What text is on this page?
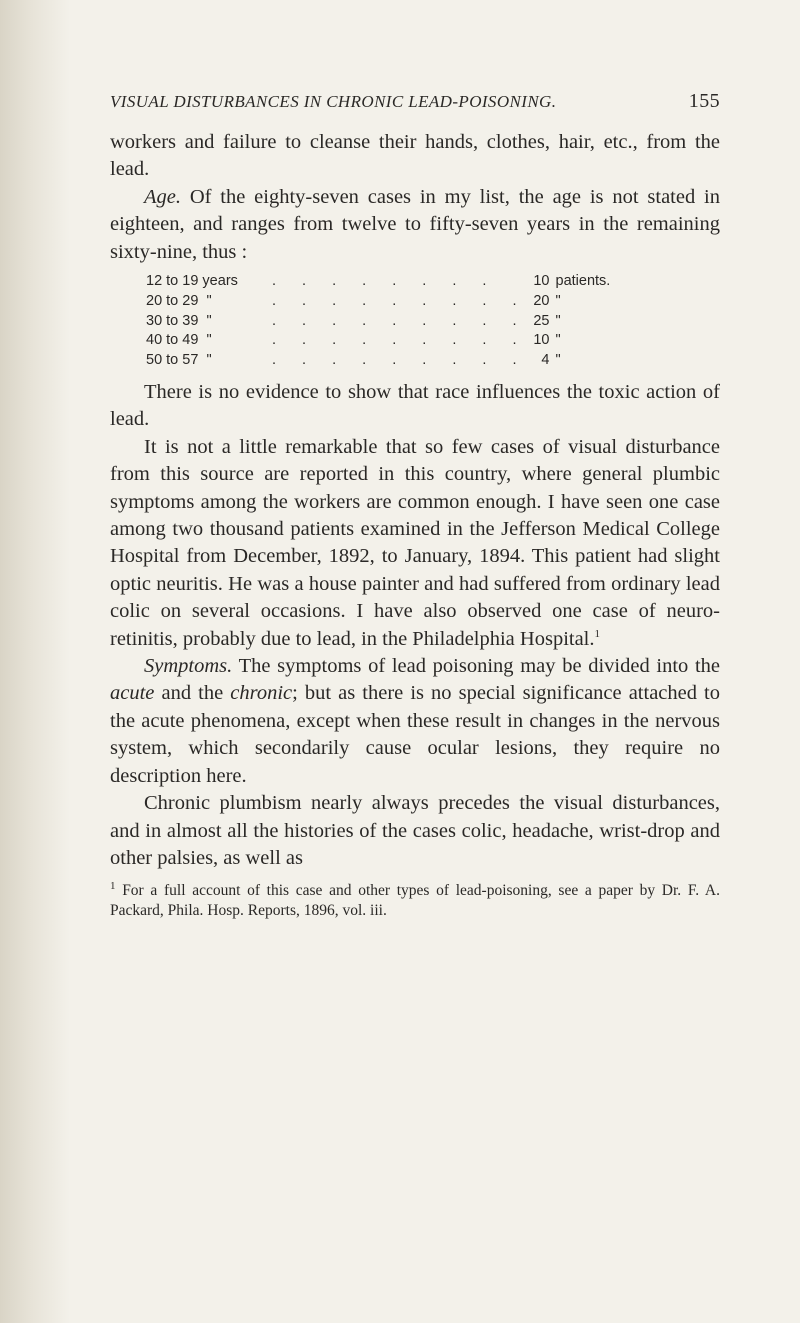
VISUAL DISTURBANCES IN CHRONIC LEAD-POISONING.	155

workers and failure to cleanse their hands, clothes, hair, etc., from the lead.

Age. Of the eighty-seven cases in my list, the age is not stated in eighteen, and ranges from twelve to fifty-seven years in the remaining sixty-nine, thus :

12 to 19 years	. . . . . . . .	10	patients.
20 to 29  "	. . . . . . . . .	20	"
30 to 39  "	. . . . . . . . .	25	"
40 to 49  "	. . . . . . . . .	10	"
50 to 57  "	. . . . . . . . .	4	"

There is no evidence to show that race influences the toxic action of lead.

It is not a little remarkable that so few cases of visual disturbance from this source are reported in this country, where general plumbic symptoms among the workers are common enough. I have seen one case among two thousand patients examined in the Jefferson Medical College Hospital from December, 1892, to January, 1894. This patient had slight optic neuritis. He was a house painter and had suffered from ordinary lead colic on several occasions. I have also observed one case of neuro-retinitis, probably due to lead, in the Philadelphia Hospital.$^1$

Symptoms. The symptoms of lead poisoning may be divided into the acute and the chronic; but as there is no special significance attached to the acute phenomena, except when these result in changes in the nervous system, which secondarily cause ocular lesions, they require no description here.

Chronic plumbism nearly always precedes the visual disturbances, and in almost all the histories of the cases colic, headache, wrist-drop and other palsies, as well as

$^1$ For a full account of this case and other types of lead-poisoning, see a paper by Dr. F. A. Packard, Phila. Hosp. Reports, 1896, vol. iii.
